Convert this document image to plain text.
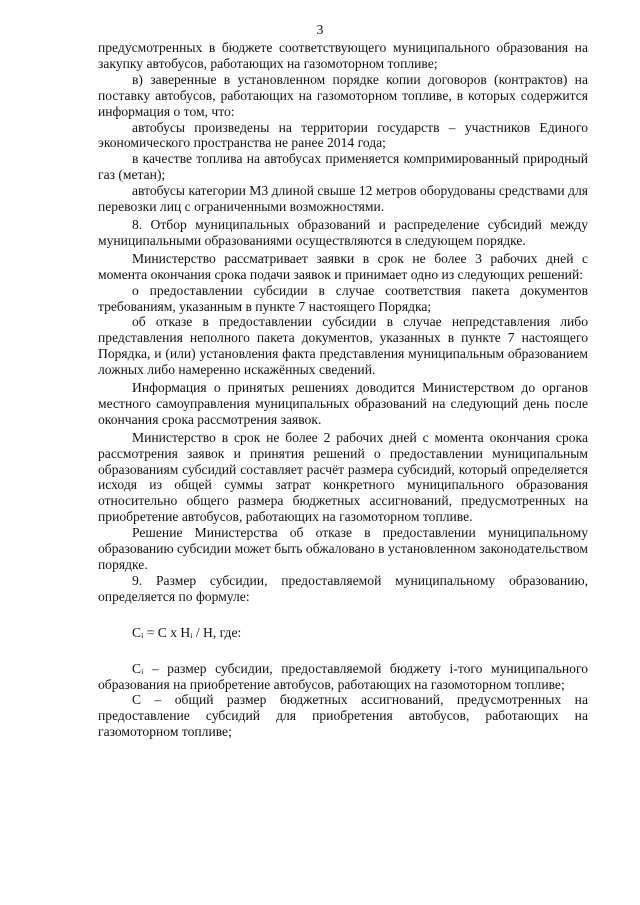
3

предусмотренных в бюджете соответствующего муниципального образования на закупку автобусов, работающих на газомоторном топливе;

в) заверенные в установленном порядке копии договоров (контрактов) на поставку автобусов, работающих на газомоторном топливе, в которых содержится информация о том, что:

автобусы произведены на территории государств – участников Единого экономического пространства не ранее 2014 года;

в качестве топлива на автобусах применяется компримированный природный газ (метан);

автобусы категории М3 длиной свыше 12 метров оборудованы средствами для перевозки лиц с ограниченными возможностями.

8. Отбор муниципальных образований и распределение субсидий между муниципальными образованиями осуществляются в следующем порядке.

Министерство рассматривает заявки в срок не более 3 рабочих дней с момента окончания срока подачи заявок и принимает одно из следующих решений:

о предоставлении субсидии в случае соответствия пакета документов требованиям, указанным в пункте 7 настоящего Порядка;

об отказе в предоставлении субсидии в случае непредставления либо представления неполного пакета документов, указанных в пункте 7 настоящего Порядка, и (или) установления факта представления муниципальным образованием ложных либо намеренно искажённых сведений.

Информация о принятых решениях доводится Министерством до органов местного самоуправления муниципальных образований на следующий день после окончания срока рассмотрения заявок.

Министерство в срок не более 2 рабочих дней с момента окончания срока рассмотрения заявок и принятия решений о предоставлении муниципальным образованиям субсидий составляет расчёт размера субсидий, который определяется исходя из общей суммы затрат конкретного муниципального образования относительно общего размера бюджетных ассигнований, предусмотренных на приобретение автобусов, работающих на газомоторном топливе.

Решение Министерства об отказе в предоставлении муниципальному образованию субсидии может быть обжаловано в установленном законодательством порядке.

9. Размер субсидии, предоставляемой муниципальному образованию, определяется по формуле:

Сᵢ = С х Нᵢ / Н, где:

Сᵢ – размер субсидии, предоставляемой бюджету i-того муниципального образования на приобретение автобусов, работающих на газомоторном топливе;

С – общий размер бюджетных ассигнований, предусмотренных на предоставление субсидий для приобретения автобусов, работающих на газомоторном топливе;
